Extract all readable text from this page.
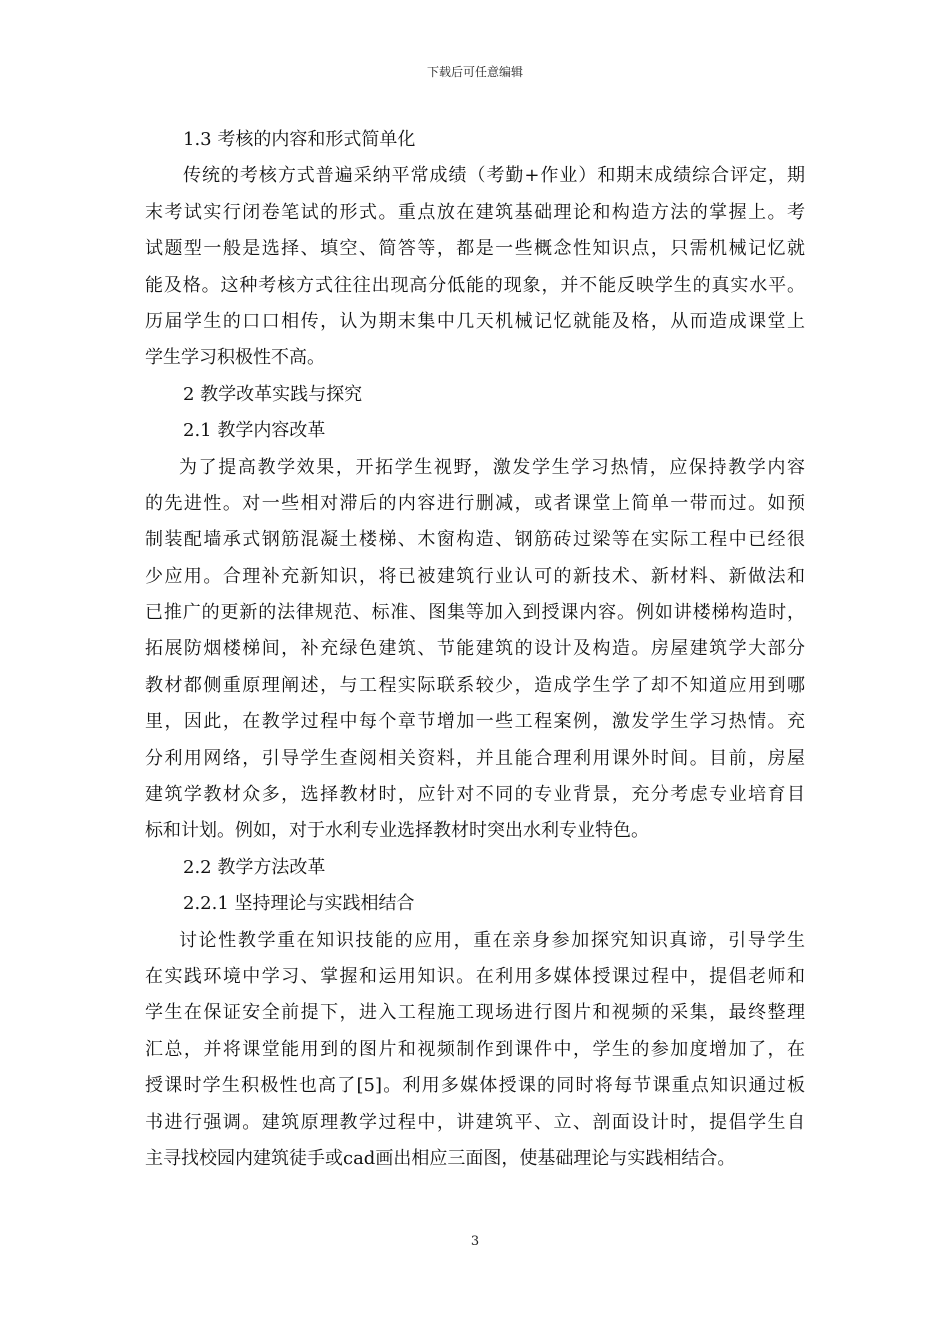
下载后可任意编辑
1.3 考核的内容和形式简单化
传统的考核方式普遍采纳平常成绩（考勤+作业）和期末成绩综合评定，期
末考试实行闭卷笔试的形式。重点放在建筑基础理论和构造方法的掌握上。考
试题型一般是选择、填空、简答等，都是一些概念性知识点，只需机械记忆就
能及格。这种考核方式往往出现高分低能的现象，并不能反映学生的真实水平。
历届学生的口口相传，认为期末集中几天机械记忆就能及格，从而造成课堂上
学生学习积极性不高。
2 教学改革实践与探究
2.1 教学内容改革
为了提高教学效果，开拓学生视野，激发学生学习热情，应保持教学内容
的先进性。对一些相对滞后的内容进行删减，或者课堂上简单一带而过。如预
制装配墙承式钢筋混凝土楼梯、木窗构造、钢筋砖过梁等在实际工程中已经很
少应用。合理补充新知识，将已被建筑行业认可的新技术、新材料、新做法和
已推广的更新的法律规范、标准、图集等加入到授课内容。例如讲楼梯构造时，
拓展防烟楼梯间，补充绿色建筑、节能建筑的设计及构造。房屋建筑学大部分
教材都侧重原理阐述，与工程实际联系较少，造成学生学了却不知道应用到哪
里，因此，在教学过程中每个章节增加一些工程案例，激发学生学习热情。充
分利用网络，引导学生查阅相关资料，并且能合理利用课外时间。目前，房屋
建筑学教材众多，选择教材时，应针对不同的专业背景，充分考虑专业培育目
标和计划。例如，对于水利专业选择教材时突出水利专业特色。
2.2 教学方法改革
2.2.1 坚持理论与实践相结合
讨论性教学重在知识技能的应用，重在亲身参加探究知识真谛，引导学生
在实践环境中学习、掌握和运用知识。在利用多媒体授课过程中，提倡老师和
学生在保证安全前提下，进入工程施工现场进行图片和视频的采集，最终整理
汇总，并将课堂能用到的图片和视频制作到课件中，学生的参加度增加了，在
授课时学生积极性也高了[5]。利用多媒体授课的同时将每节课重点知识通过板
书进行强调。建筑原理教学过程中，讲建筑平、立、剖面设计时，提倡学生自
主寻找校园内建筑徒手或cad画出相应三面图，使基础理论与实践相结合。
3
